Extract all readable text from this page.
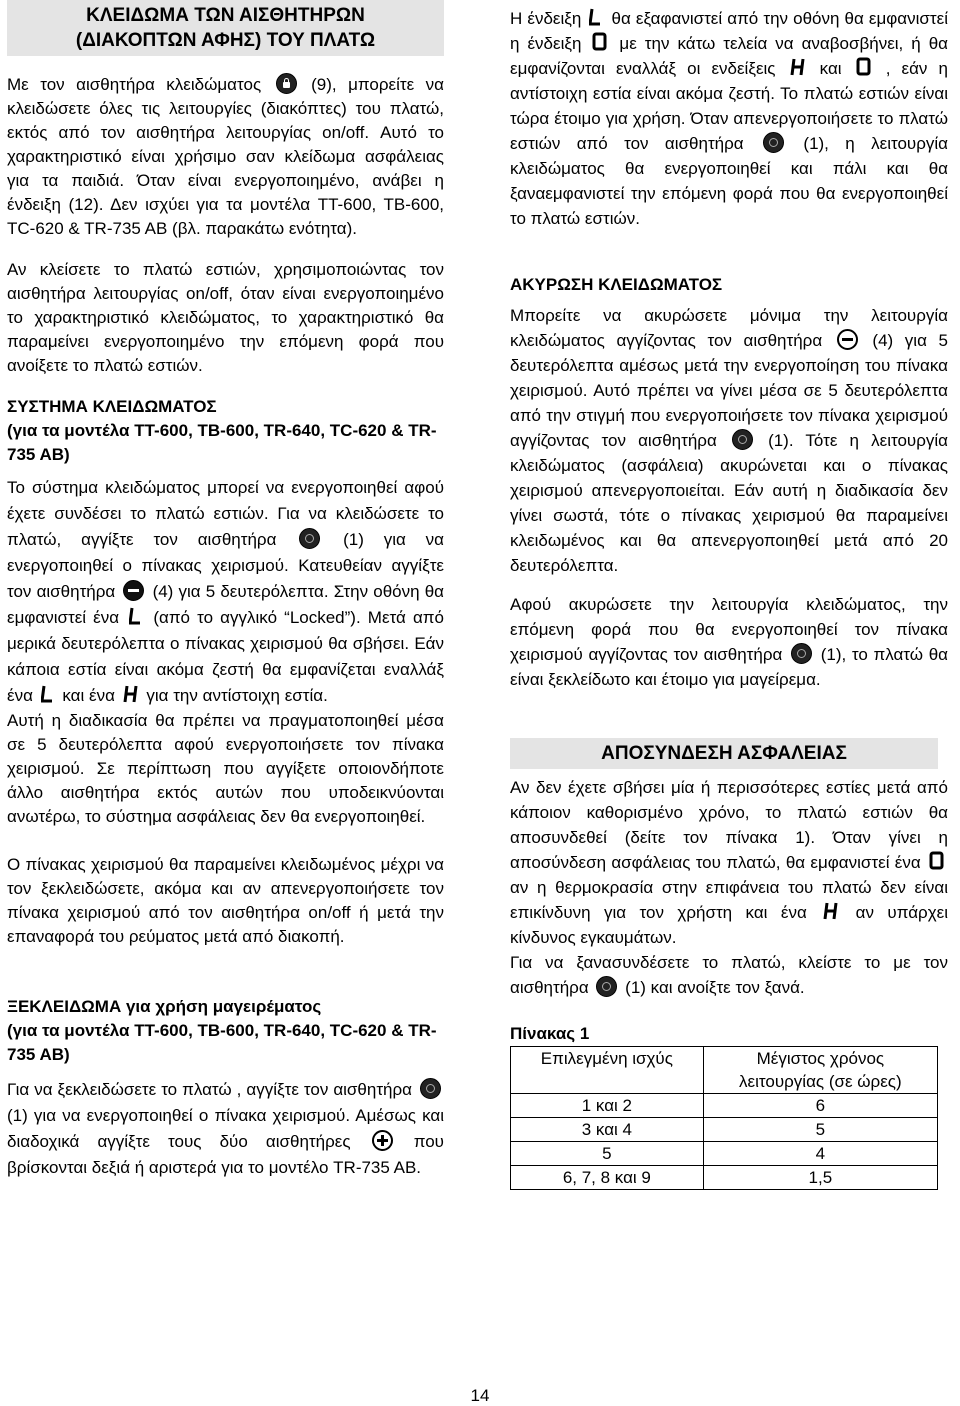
ΚΛΕΙΔΩΜΑ ΤΩΝ ΑΙΣΘΗΤΗΡΩΝ
(ΔΙΑΚΟΠΤΩΝ ΑΦΗΣ) ΤΟΥ ΠΛΑΤΩ

Με τον αισθητήρα κλειδώματος	(9), μπορείτε να κλειδώσετε όλες τις λειτουργίες (διακόπτες) του πλατώ, εκτός από τον αισθητήρα λειτουργίας on/off. Αυτό το χαρακτηριστικό είναι χρήσιμο σαν κλείδωμα ασφάλειας για τα παιδιά. Όταν είναι ενεργοποιημένο, ανάβει η ένδειξη (12). Δεν ισχύει για τα μοντέλα TT-600, TB-600, TC-620 & TR-735 AB (βλ. παρακάτω ενότητα).

Αν κλείσετε το πλατώ εστιών, χρησιμοποιώντας τον αισθητήρα λειτουργίας on/off, όταν είναι ενεργοποιημένο το χαρακτηριστικό κλειδώματος, το χαρακτηριστικό θα παραμείνει ενεργοποιημένο την επόμενη φορά που ανοίξετε το πλατώ εστιών.

ΣΥΣΤΗΜΑ ΚΛΕΙΔΩΜΑΤΟΣ

(για τα μοντέλα TT-600, TB-600, TR-640, TC-620 & TR-735 AB)

Το σύστημα κλειδώματος μπορεί να ενεργοποιηθεί αφού έχετε συνδέσει το πλατώ εστιών. Για να κλειδώσετε το πλατώ, αγγίξτε τον αισθητήρα	(1) για να ενεργοποιηθεί ο πίνακας χειρισμού. Κατευθείαν αγγίξτε τον αισθητήρα (4) για 5 δευτερόλεπτα. Στην οθόνη θα εμφανιστεί ένα (από το αγγλικό “Locked”). Μετά από μερικά δευτερόλεπτα ο πίνακας χειρισμού θα σβήσει. Εάν κάποια εστία είναι ακόμα ζεστή θα εμφανίζεται εναλλάξ ένα και ένα για την αντίστοιχη εστία.

Αυτή η διαδικασία θα πρέπει να πραγματοποιηθεί μέσα σε 5 δευτερόλεπτα αφού ενεργοποιήσετε τον πίνακα χειρισμού. Σε περίπτωση που αγγίξετε οποιονδήποτε άλλο αισθητήρα εκτός αυτών που υποδεικνύονται ανωτέρω, το σύστημα ασφάλειας δεν θα ενεργοποιηθεί.

Ο πίνακας χειρισμού θα παραμείνει κλειδωμένος μέχρι να τον ξεκλειδώσετε, ακόμα και αν απενεργοποιήσετε τον πίνακα χειρισμού από τον αισθητήρα on/off ή μετά την επαναφορά του ρεύματος μετά από διακοπή.

ΞΕΚΛΕΙΔΩΜΑ για χρήση μαγειρέματος

(για τα μοντέλα TT-600, TB-600, TR-640, TC-620 & TR-735 AB)

Για να ξεκλειδώσετε το πλατώ , αγγίξτε τον αισθητήρα  (1) για να ενεργοποιηθεί ο πίνακα χειρισμού. Αμέσως και διαδοχικά αγγίξτε τους δύο αισθητήρες	που βρίσκονται δεξιά ή αριστερά για το μοντέλο TR-735 AB.

Η ένδειξη θα εξαφανιστεί από την οθόνη θα εμφανιστεί η ένδειξη με την κάτω τελεία να αναβοσβήνει, ή θα εμφανίζονται εναλλάξ οι ενδείξεις	και	, εάν η αντίστοιχη εστία είναι ακόμα ζεστή. Το πλατώ εστιών είναι τώρα έτοιμο για χρήση. Όταν απενεργοποιήσετε το πλατώ εστιών από τον αισθητήρα	(1), η λειτουργία κλειδώματος θα ενεργοποιηθεί και πάλι και θα ξαναεμφανιστεί την επόμενη φορά που θα ενεργοποιηθεί το πλατώ εστιών.

ΑΚΥΡΩΣΗ ΚΛΕΙΔΩΜΑΤΟΣ

Μπορείτε να ακυρώσετε μόνιμα την λειτουργία κλειδώματος αγγίζοντας τον αισθητήρα	(4) για 5 δευτερόλεπτα αμέσως μετά την ενεργοποίηση του πίνακα χειρισμού. Αυτό πρέπει να γίνει μέσα σε 5 δευτερόλεπτα από την στιγμή που ενεργοποιήσετε τον πίνακα χειρισμού αγγίζοντας τον αισθητήρα	(1). Τότε η λειτουργία κλειδώματος (ασφάλεια) ακυρώνεται και ο πίνακας χειρισμού απενεργοποιείται. Εάν αυτή η διαδικασία δεν γίνει σωστά, τότε ο πίνακας χειρισμού θα παραμείνει κλειδωμένος και θα απενεργοποιηθεί μετά από 20 δευτερόλεπτα.

Αφού ακυρώσετε την λειτουργία κλειδώματος, την επόμενη φορά που θα ενεργοποιηθεί τον πίνακα χειρισμού αγγίζοντας τον αισθητήρα (1), το πλατώ θα είναι ξεκλείδωτο και έτοιμο για μαγείρεμα.

ΑΠΟΣΥΝΔΕΣΗ ΑΣΦΑΛΕΙΑΣ

Αν δεν έχετε σβήσει μία ή περισσότερες εστίες μετά από κάποιον καθορισμένο χρόνο, το πλατώ εστιών θα αποσυνδεθεί (δείτε τον πίνακα 1). Όταν γίνει η αποσύνδεση ασφάλειας του πλατώ, θα εμφανιστεί ένα  αν η θερμοκρασία στην επιφάνεια του πλατώ δεν είναι επικίνδυνη για τον χρήστη και ένα	αν υπάρχει κίνδυνος εγκαυμάτων.

Για να ξανασυνδέσετε το πλατώ, κλείστε το με τον αισθητήρα (1) και ανοίξτε τον ξανά.

Πίνακας 1

Επιλεγμένη ισχύς	Μέγιστος χρόνος
λειτουργίας (σε ώρες)

1 και 2	6
3 και 4	5
5	4
6, 7, 8 και 9	1,5
14
